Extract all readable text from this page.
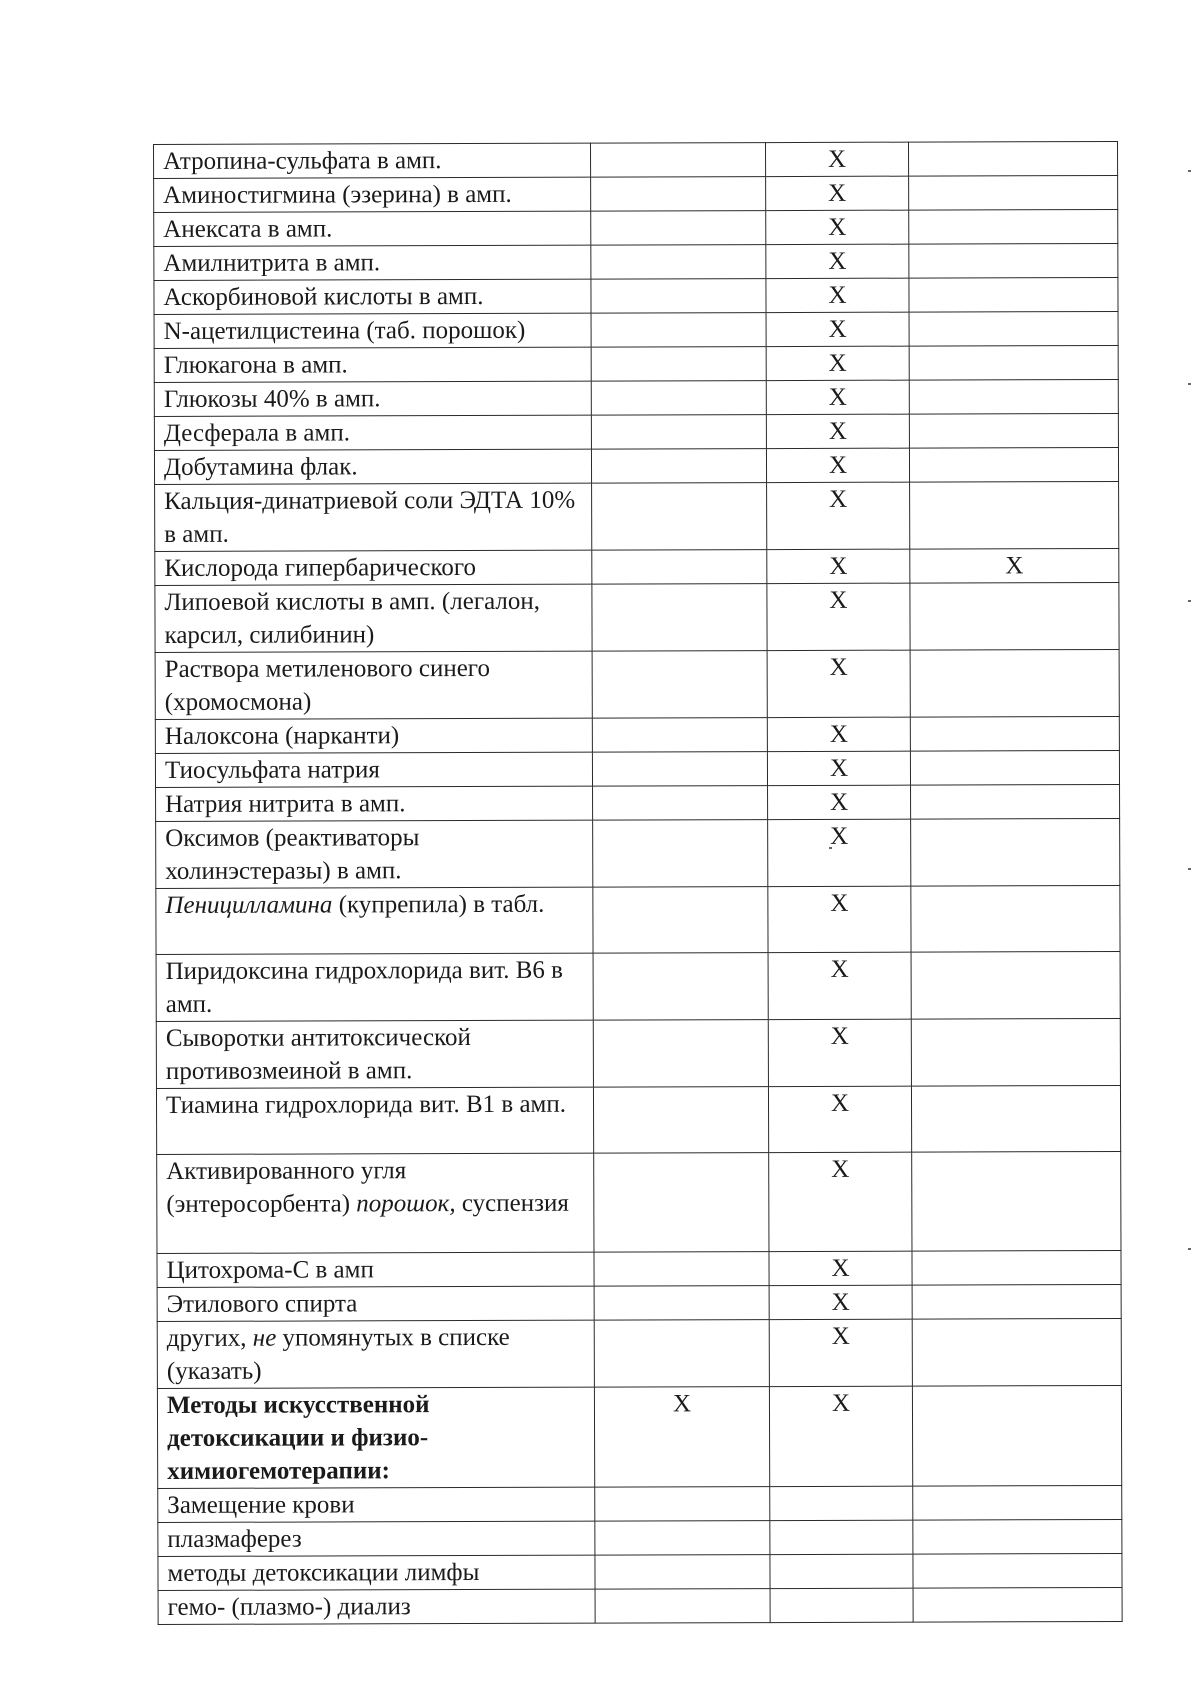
Атропина-сульфата в амп.		X	
Аминостигмина (эзерина) в амп.		X	
Анексата в амп.		X	
Амилнитрита в амп.		X	
Аскорбиновой кислоты в амп.		X	
N-ацетилцистеина (таб. порошок)		X	
Глюкагона в амп.		X	
Глюкозы 40% в амп.		X	
Десферала в амп.		X	
Добутамина флак.		X	
Кальция-динатриевой соли ЭДТА 10% в амп.		X	
Кислорода гипербарического		X	X
Липоевой кислоты в амп. (легалон, карсил, силибинин)		X	
Раствора метиленового синего (хромосмона)		X	
Налоксона (нарканти)		X	
Тиосульфата натрия		X	
Натрия нитрита в амп.		X	
Оксимов (реактиваторы холинэстеразы) в амп.		X	
Пеницилламина (купрепила) в табл.		X	
Пиридоксина гидрохлорида вит. В6 в амп.		X	
Сыворотки антитоксической противозмеиной в амп.		X	
Тиамина гидрохлорида вит. В1 в амп.		X	
Активированного угля (энтеросорбента) порошок, суспензия		X	
Цитохрома-С в амп		X	
Этилового спирта		X	
других, не упомянутых в списке (указать)		X	
Методы искусственной детоксикации и физио-химиогемотерапии:	X	X	
Замещение крови			
плазмаферез			
методы детоксикации лимфы			
гемо- (плазмо-) диализ			
